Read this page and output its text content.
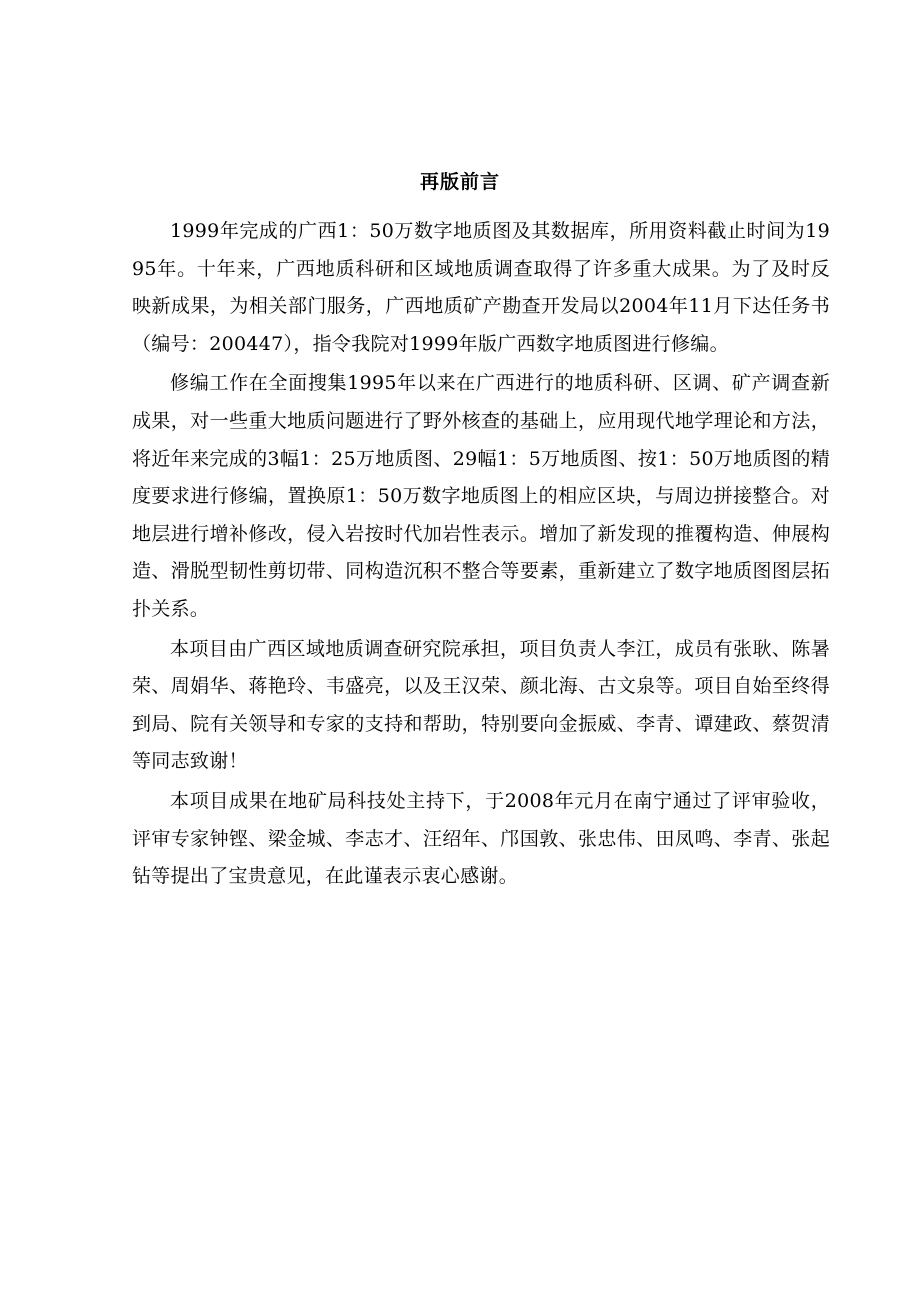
再版前言

1999年完成的广西1：50万数字地质图及其数据库，所用资料截止时间为1995年。十年来，广西地质科研和区域地质调查取得了许多重大成果。为了及时反映新成果，为相关部门服务，广西地质矿产勘查开发局以2004年11月下达任务书（编号：200447），指令我院对1999年版广西数字地质图进行修编。

修编工作在全面搜集1995年以来在广西进行的地质科研、区调、矿产调查新成果，对一些重大地质问题进行了野外核查的基础上，应用现代地学理论和方法，将近年来完成的3幅1：25万地质图、29幅1：5万地质图、按1：50万地质图的精度要求进行修编，置换原1：50万数字地质图上的相应区块，与周边拼接整合。对地层进行增补修改，侵入岩按时代加岩性表示。增加了新发现的推覆构造、伸展构造、滑脱型韧性剪切带、同构造沉积不整合等要素，重新建立了数字地质图图层拓扑关系。

本项目由广西区域地质调查研究院承担，项目负责人李江，成员有张耿、陈暑荣、周娟华、蒋艳玲、韦盛亮，以及王汉荣、颜北海、古文泉等。项目自始至终得到局、院有关领导和专家的支持和帮助，特别要向金振威、李青、谭建政、蔡贺清等同志致谢！

本项目成果在地矿局科技处主持下，于2008年元月在南宁通过了评审验收，评审专家钟铿、梁金城、李志才、汪绍年、邝国敦、张忠伟、田凤鸣、李青、张起钻等提出了宝贵意见，在此谨表示衷心感谢。
